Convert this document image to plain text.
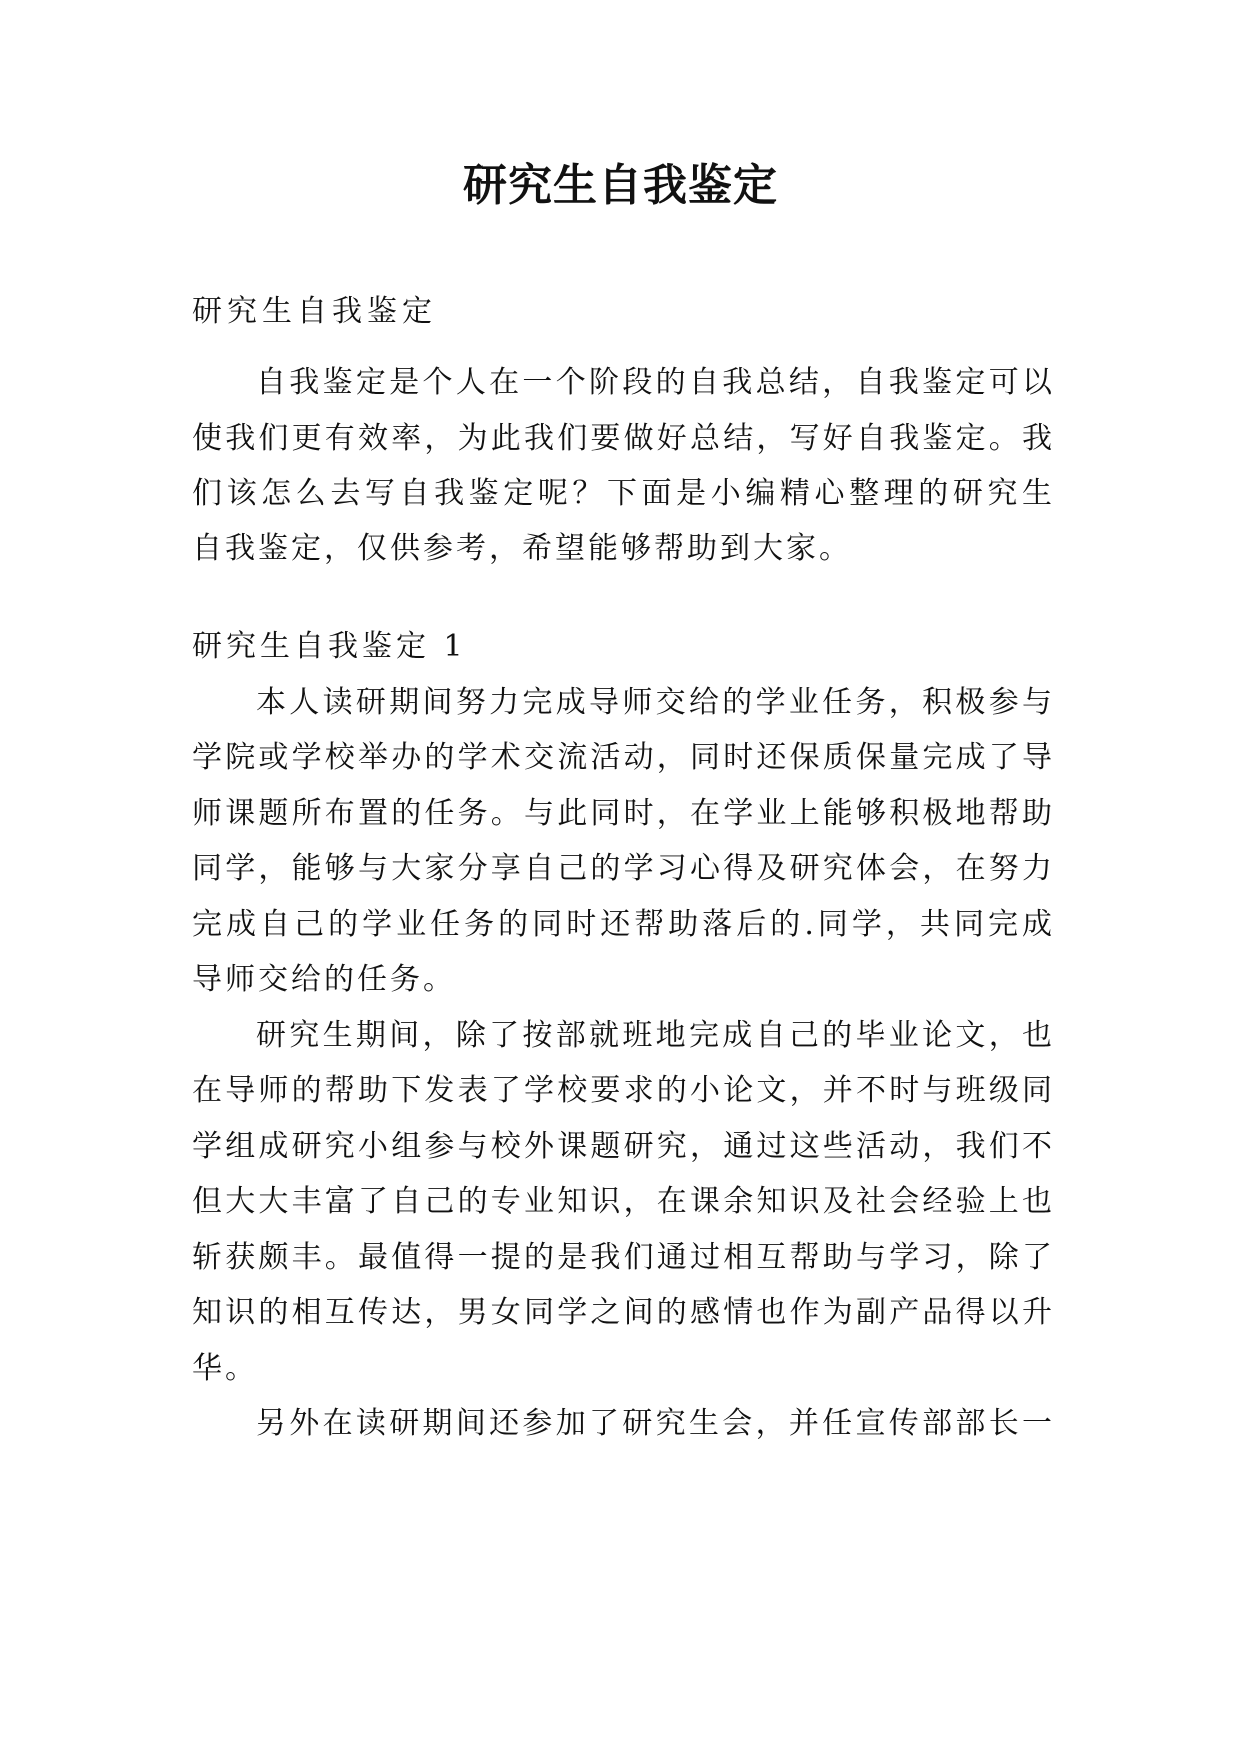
研究生自我鉴定
研究生自我鉴定
自我鉴定是个人在一个阶段的自我总结，自我鉴定可以
使我们更有效率，为此我们要做好总结，写好自我鉴定。我
们该怎么去写自我鉴定呢？下面是小编精心整理的研究生
自我鉴定，仅供参考，希望能够帮助到大家。
研究生自我鉴定 1
本人读研期间努力完成导师交给的学业任务，积极参与
学院或学校举办的学术交流活动，同时还保质保量完成了导
师课题所布置的任务。与此同时，在学业上能够积极地帮助
同学，能够与大家分享自己的学习心得及研究体会，在努力
完成自己的学业任务的同时还帮助落后的.同学，共同完成
导师交给的任务。
研究生期间，除了按部就班地完成自己的毕业论文，也
在导师的帮助下发表了学校要求的小论文，并不时与班级同
学组成研究小组参与校外课题研究，通过这些活动，我们不
但大大丰富了自己的专业知识，在课余知识及社会经验上也
斩获颇丰。最值得一提的是我们通过相互帮助与学习，除了
知识的相互传达，男女同学之间的感情也作为副产品得以升
华。
另外在读研期间还参加了研究生会，并任宣传部部长一
